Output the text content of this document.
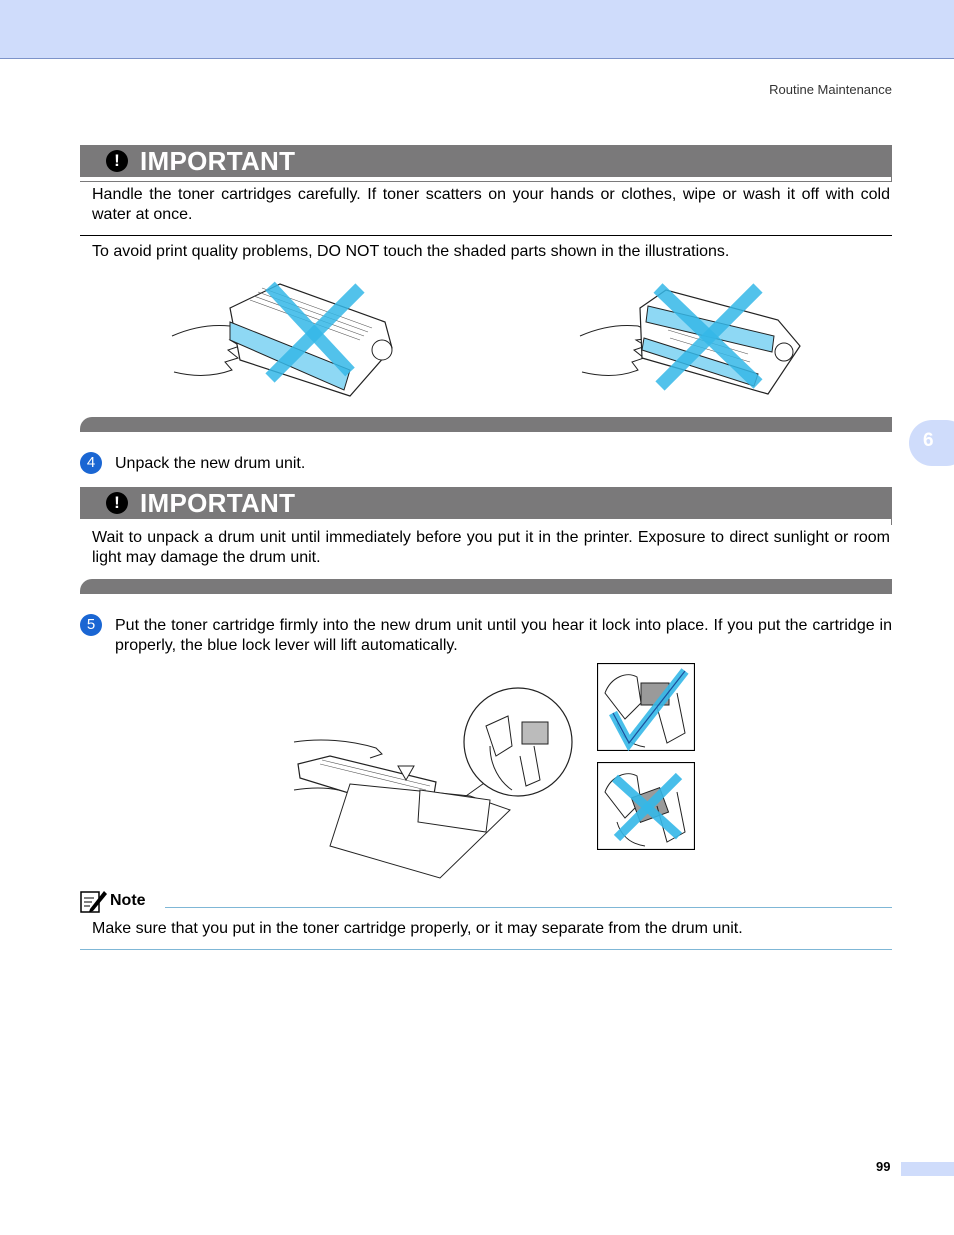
Routine Maintenance
6
! IMPORTANT
Handle the toner cartridges carefully. If toner scatters on your hands or clothes, wipe or wash it off with cold water at once.
To avoid print quality problems, DO NOT touch the shaded parts shown in the illustrations.
4	Unpack the new drum unit.
! IMPORTANT
Wait to unpack a drum unit until immediately before you put it in the printer. Exposure to direct sunlight or room light may damage the drum unit.
5	Put the toner cartridge firmly into the new drum unit until you hear it lock into place. If you put the cartridge in properly, the blue lock lever will lift automatically.
Note
Make sure that you put in the toner cartridge properly, or it may separate from the drum unit.
99
